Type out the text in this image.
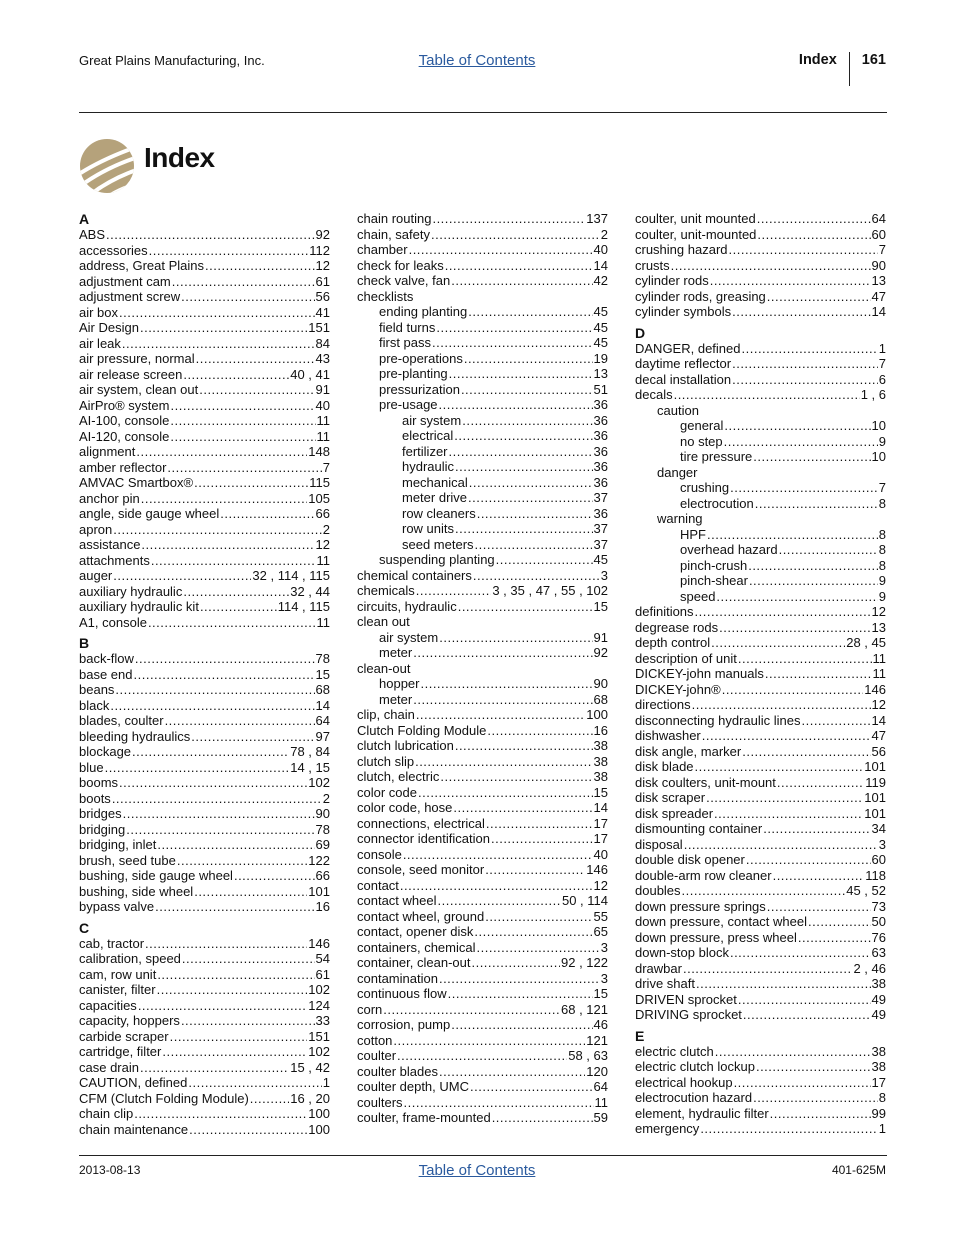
Great Plains Manufacturing, Inc.	Table of Contents	Index 161
Index
A
ABS .....	92
accessories .....	112
address, Great Plains .....	12
adjustment cam .....	61
adjustment screw .....	56
air box .....	41
Air Design .....	151
air leak .....	84
air pressure, normal .....	43
air release screen .....	40 , 41
air system, clean out .....	91
AirPro® system .....	40
AI-100, console .....	11
AI-120, console .....	11
alignment .....	148
amber reflector .....	7
AMVAC Smartbox® .....	115
anchor pin .....	105
angle, side gauge wheel .....	66
apron .....	2
assistance .....	12
attachments .....	11
auger .....	32 , 114 , 115
auxiliary hydraulic .....	32 , 44
auxiliary hydraulic kit .....	114 , 115
A1, console .....	11
B
back-flow .....	78
base end .....	15
beans .....	68
black .....	14
blades, coulter .....	64
bleeding hydraulics .....	97
blockage .....	78 , 84
blue .....	14 , 15
booms .....	102
boots .....	2
bridges .....	90
bridging .....	78
bridging, inlet .....	69
brush, seed tube .....	122
bushing, side gauge wheel .....	66
bushing, side wheel .....	101
bypass valve .....	16
C
cab, tractor .....	146
calibration, speed .....	54
cam, row unit .....	61
canister, filter .....	102
capacities .....	124
capacity, hoppers .....	33
carbide scraper .....	151
cartridge, filter .....	102
case drain .....	15 , 42
CAUTION, defined .....	1
CFM (Clutch Folding Module) .....	16 , 20
chain clip .....	100
chain maintenance .....	100
chain routing .....	137
chain, safety .....	2
chamber .....	40
check for leaks .....	14
check valve, fan .....	42
checklists
ending planting .....	45
field turns .....	45
first pass .....	45
pre-operations .....	19
pre-planting .....	13
pressurization .....	51
pre-usage .....	36
air system .....	36
electrical .....	36
fertilizer .....	36
hydraulic .....	36
mechanical .....	36
meter drive .....	37
row cleaners .....	36
row units .....	37
seed meters .....	37
suspending planting .....	45
chemical containers .....	3
chemicals .....	3 , 35 , 47 , 55 , 102
circuits, hydraulic .....	15
clean out
air system .....	91
meter .....	92
clean-out
hopper .....	90
meter .....	68
clip, chain .....	100
Clutch Folding Module .....	16
clutch lubrication .....	38
clutch slip .....	38
clutch, electric .....	38
color code .....	15
color code, hose .....	14
connections, electrical .....	17
connector identification .....	17
console .....	40
console, seed monitor .....	146
contact .....	12
contact wheel .....	50 , 114
contact wheel, ground .....	55
contact, opener disk .....	65
containers, chemical .....	3
container, clean-out .....	92 , 122
contamination .....	3
continuous flow .....	15
corn .....	68 , 121
corrosion, pump .....	46
cotton .....	121
coulter .....	58 , 63
coulter blades .....	120
coulter depth, UMC .....	64
coulters .....	11
coulter, frame-mounted .....	59
coulter, unit mounted .....	64
coulter, unit-mounted .....	60
crushing hazard .....	7
crusts .....	90
cylinder rods .....	13
cylinder rods, greasing .....	47
cylinder symbols .....	14
D
DANGER, defined .....	1
daytime reflector .....	7
decal installation .....	6
decals .....	1 , 6
caution
general .....	10
no step .....	9
tire pressure .....	10
danger
crushing .....	7
electrocution .....	8
warning
HPF .....	8
overhead hazard .....	8
pinch-crush .....	8
pinch-shear .....	9
speed .....	9
definitions .....	12
degrease rods .....	13
depth control .....	28 , 45
description of unit .....	11
DICKEY-john manuals .....	11
DICKEY-john® .....	146
directions .....	12
disconnecting hydraulic lines .....	14
dishwasher .....	47
disk angle, marker .....	56
disk blade .....	101
disk coulters, unit-mount .....	119
disk scraper .....	101
disk spreader .....	101
dismounting container .....	34
disposal .....	3
double disk opener .....	60
double-arm row cleaner .....	118
doubles .....	45 , 52
down pressure springs .....	73
down pressure, contact wheel .....	50
down pressure, press wheel .....	76
down-stop block .....	63
drawbar .....	2 , 46
drive shaft .....	38
DRIVEN sprocket .....	49
DRIVING sprocket .....	49
E
electric clutch .....	38
electric clutch lockup .....	38
electrical hookup .....	17
electrocution hazard .....	8
element, hydraulic filter .....	99
emergency .....	1
2013-08-13	Table of Contents	401-625M
